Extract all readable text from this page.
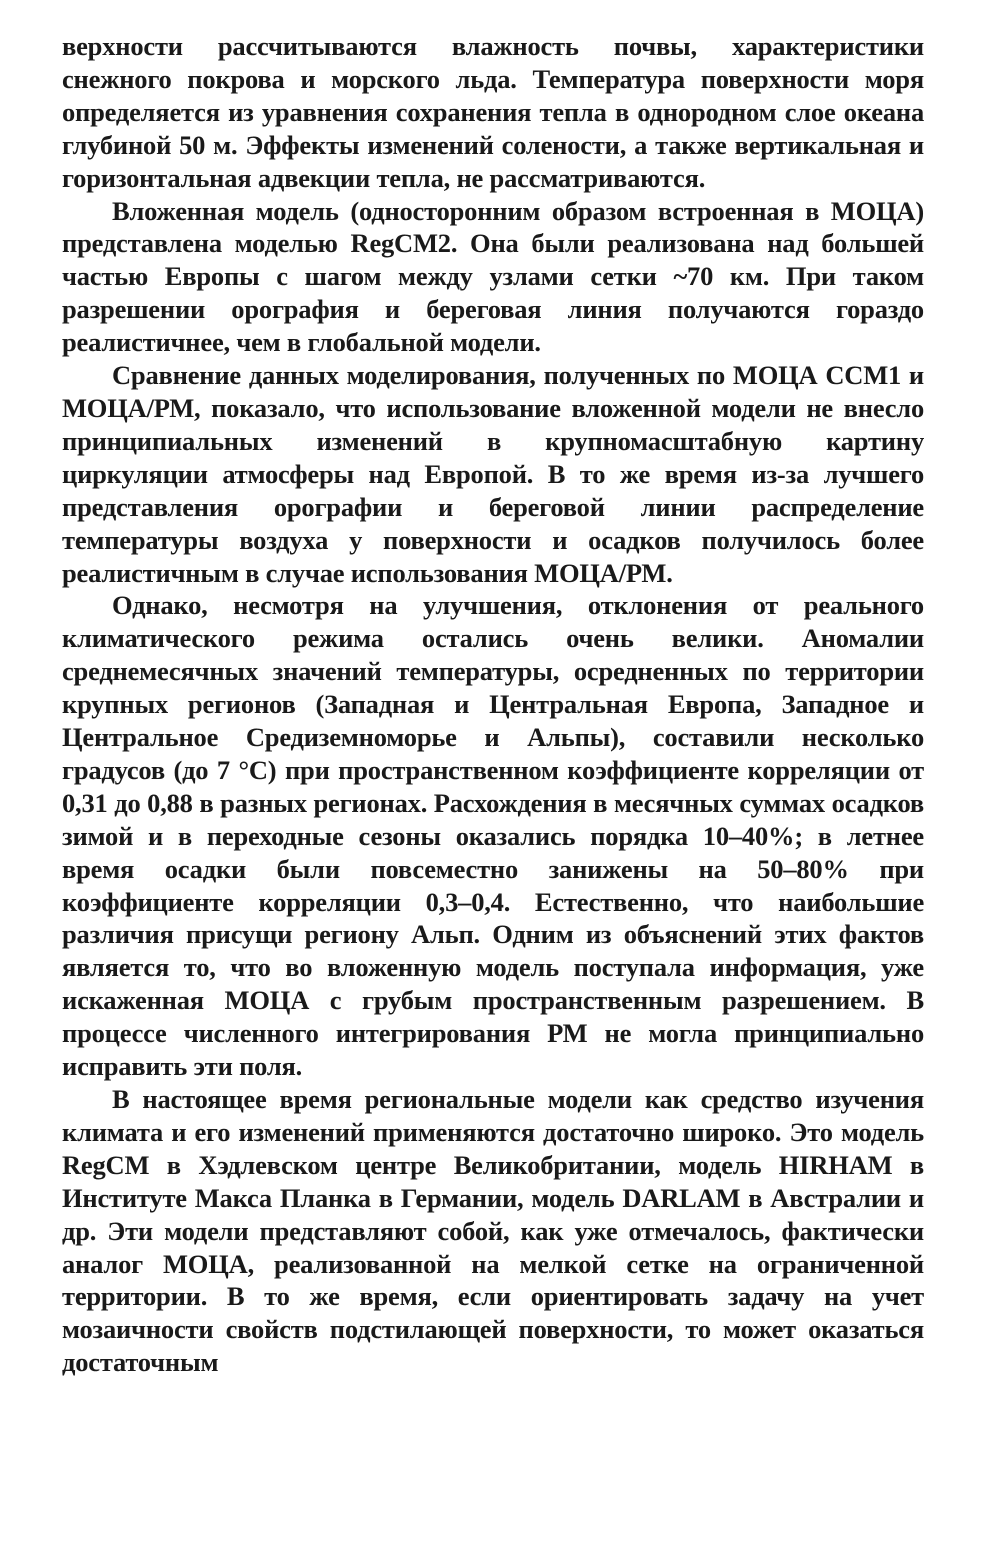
верхности рассчитываются влажность почвы, характеристики снежного покрова и морского льда. Температура поверхности моря определяется из уравнения сохранения тепла в однородном слое океана глубиной 50 м. Эффекты изменений солености, а также вертикальная и горизонтальная адвекции тепла, не рассматриваются.

Вложенная модель (односторонним образом встроенная в МОЦА) представлена моделью RegCM2. Она были реализована над большей частью Европы с шагом между узлами сетки ~70 км. При таком разрешении орография и береговая линия получаются гораздо реалистичнее, чем в глобальной модели.

Сравнение данных моделирования, полученных по МОЦА ССМ1 и МОЦА/РМ, показало, что использование вложенной модели не внесло принципиальных изменений в крупномасштабную картину циркуляции атмосферы над Европой. В то же время из-за лучшего представления орографии и береговой линии распределение температуры воздуха у поверхности и осадков получилось более реалистичным в случае использования МОЦА/РМ.

Однако, несмотря на улучшения, отклонения от реального климатического режима остались очень велики. Аномалии среднемесячных значений температуры, осредненных по территории крупных регионов (Западная и Центральная Европа, Западное и Центральное Средиземноморье и Альпы), составили несколько градусов (до 7 °С) при пространственном коэффициенте корреляции от 0,31 до 0,88 в разных регионах. Расхождения в месячных суммах осадков зимой и в переходные сезоны оказались порядка 10–40%; в летнее время осадки были повсеместно занижены на 50–80% при коэффициенте корреляции 0,3–0,4. Естественно, что наибольшие различия присущи региону Альп. Одним из объяснений этих фактов является то, что во вложенную модель поступала информация, уже искаженная МОЦА с грубым пространственным разрешением. В процессе численного интегрирования РМ не могла принципиально исправить эти поля.

В настоящее время региональные модели как средство изучения климата и его изменений применяются достаточно широко. Это модель RegCM в Хэдлевском центре Великобритании, модель HIRHAM в Институте Макса Планка в Германии, модель DARLAM в Австралии и др. Эти модели представляют собой, как уже отмечалось, фактически аналог МОЦА, реализованной на мелкой сетке на ограниченной территории. В то же время, если ориентировать задачу на учет мозаичности свойств подстилающей поверхности, то может оказаться достаточным
